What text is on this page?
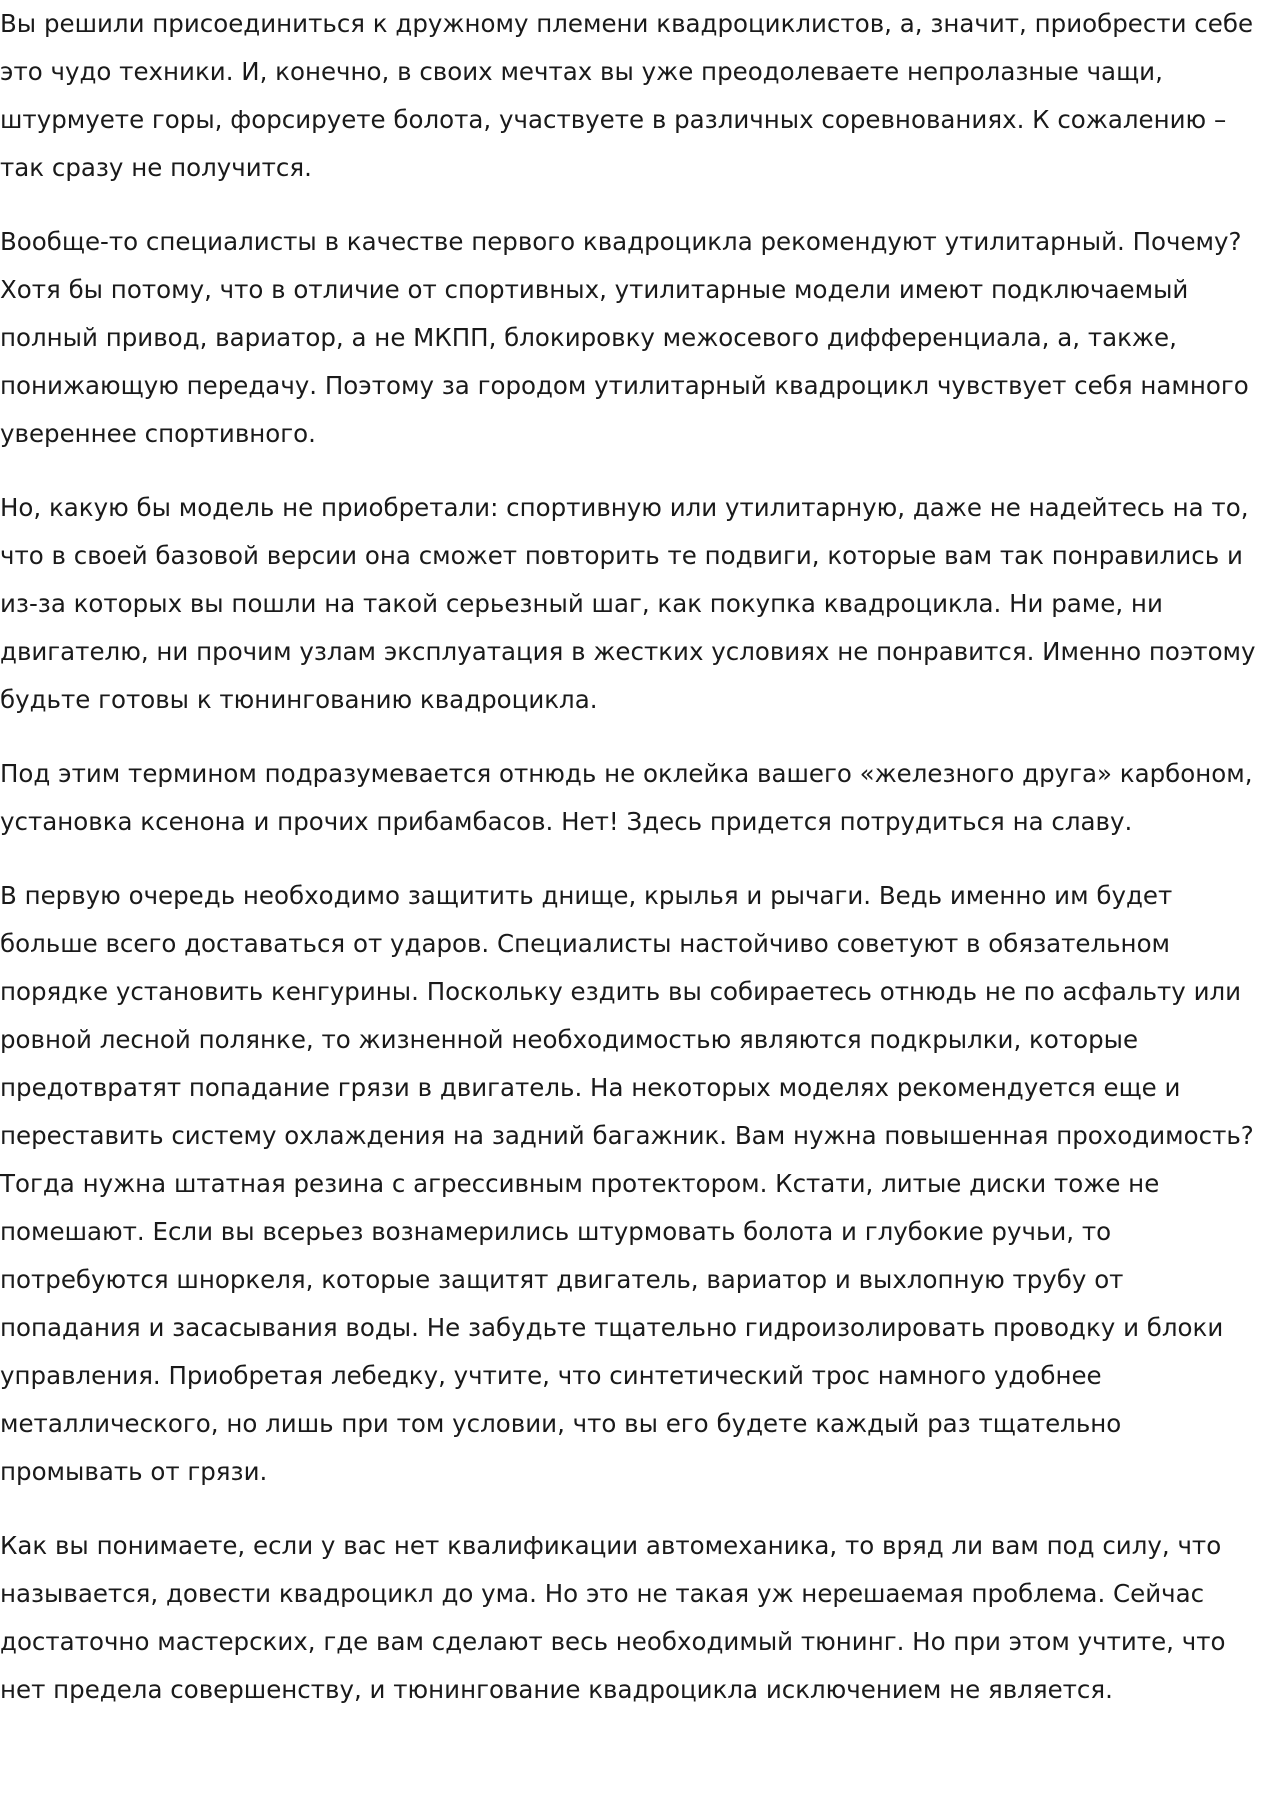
Вы решили присоединиться к дружному племени квадроциклистов, а, значит, приобрести себе это чудо техники. И, конечно, в своих мечтах вы уже преодолеваете непролазные чащи, штурмуете горы, форсируете болота, участвуете в различных соревнованиях. К сожалению – так сразу не получится.

Вообще-то специалисты в качестве первого квадроцикла рекомендуют утилитарный. Почему? Хотя бы потому, что в отличие от спортивных, утилитарные модели имеют подключаемый полный привод, вариатор, а не МКПП, блокировку межосевого дифференциала, а, также, понижающую передачу. Поэтому за городом утилитарный квадроцикл чувствует себя намного увереннее спортивного.

Но, какую бы модель не приобретали: спортивную или утилитарную, даже не надейтесь на то, что в своей базовой версии она сможет повторить те подвиги, которые вам так понравились и из-за которых вы пошли на такой серьезный шаг, как покупка квадроцикла. Ни раме, ни двигателю, ни прочим узлам эксплуатация в жестких условиях не понравится. Именно поэтому будьте готовы к тюнингованию квадроцикла.

Под этим термином подразумевается отнюдь не оклейка вашего «железного друга» карбоном, установка ксенона и прочих прибамбасов. Нет! Здесь придется потрудиться на славу.

В первую очередь необходимо защитить днище, крылья и рычаги. Ведь именно им будет больше всего доставаться от ударов. Специалисты настойчиво советуют в обязательном порядке установить кенгурины. Поскольку ездить вы собираетесь отнюдь не по асфальту или ровной лесной полянке, то жизненной необходимостью являются подкрылки, которые предотвратят попадание грязи в двигатель. На некоторых моделях рекомендуется еще и переставить систему охлаждения на задний багажник. Вам нужна повышенная проходимость? Тогда нужна штатная резина с агрессивным протектором. Кстати, литые диски тоже не помешают. Если вы всерьез вознамерились штурмовать болота и глубокие ручьи, то потребуются шноркеля, которые защитят двигатель, вариатор и выхлопную трубу от попадания и засасывания воды. Не забудьте тщательно гидроизолировать проводку и блоки управления. Приобретая лебедку, учтите, что синтетический трос намного удобнее металлического, но лишь при том условии, что вы его будете каждый раз тщательно промывать от грязи.

Как вы понимаете, если у вас нет квалификации автомеханика, то вряд ли вам под силу, что называется, довести квадроцикл до ума. Но это не такая уж нерешаемая проблема. Сейчас достаточно мастерских, где вам сделают весь необходимый тюнинг. Но при этом учтите, что нет предела совершенству, и тюнингование квадроцикла исключением не является.
